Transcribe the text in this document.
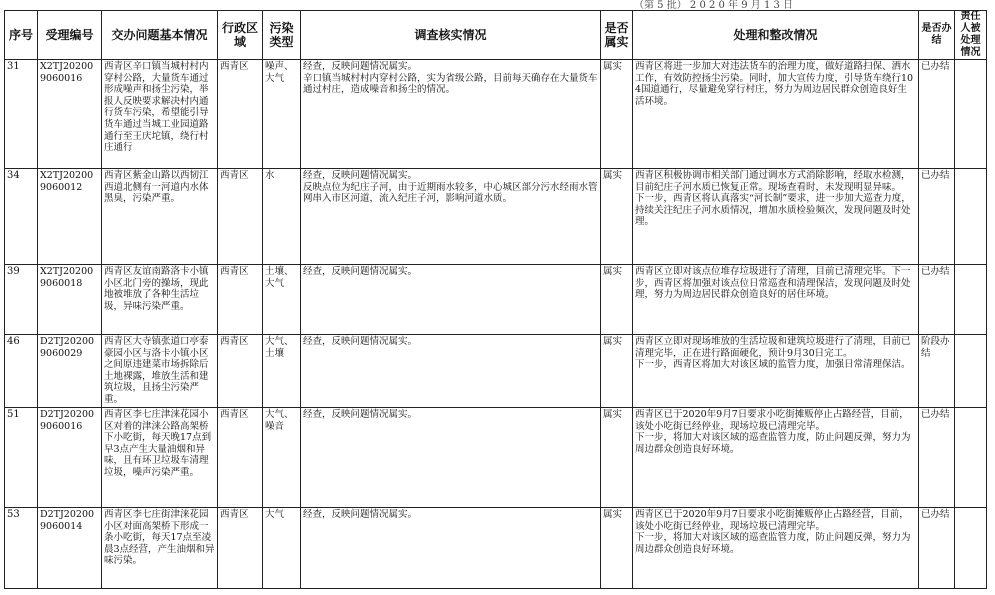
（第 5 批） 2 0 2 0 年 9 月 1 3 日
序号	受理编号	交办问题基本情况	行政区域	污染类型	调查核实情况	是否属实	处理和整改情况	是否办结	责任人被处理情况
31	X2TJ202009060016	西青区辛口镇当城村村内穿村公路，大量货车通过形成噪声和扬尘污染，举报人反映要求解决村内通行货车污染，希望能引导货车通过当城工业园道路通行至王庆坨镇，绕行村庄通行	西青区	噪声、大气	经查，反映问题情况属实。
辛口镇当城村村内穿村公路，实为省级公路，目前每天确存在大量货车通过村庄，造成噪音和扬尘的情况。	属实	西青区将进一步加大对违法货车的治理力度，做好道路扫保、洒水工作，有效防控扬尘污染。同时，加大宣传力度，引导货车绕行104国道通行，尽量避免穿行村庄，努力为周边居民群众创造良好生活环境。	已办结	
34	X2TJ202009060012	西青区紫金山路以西韧江西道北侧有一河道内水体黑臭，污染严重。	西青区	水	经查，反映问题情况属实。
反映点位为纪庄子河，由于近期雨水较多，中心城区部分污水经雨水管网串入市区河道，流入纪庄子河，影响河道水质。	属实	西青区积极协调市相关部门通过调水方式消除影响，经取水检测，目前纪庄子河水质已恢复正常。现场查看时，未发现明显异味。
下一步，西青区将认真落实“河长制”要求，进一步加大巡查力度，持续关注纪庄子河水质情况，增加水质检验频次，发现问题及时处理。	已办结	
39	X2TJ202009060018	西青区友谊南路洛卡小镇小区北门旁的操场，现此地被堆放了各种生活垃圾，异味污染严重。	西青区	土壤、大气	经查，反映问题情况属实。	属实	西青区立即对该点位堆存垃圾进行了清理，目前已清理完毕。下一步，西青区将加强对该点位日常巡查和清理保洁，发现问题及时处理，努力为周边居民群众创造良好的居住环境。	已办结	
46	D2TJ202009060029	西青区大寺镇张道口亭泰豪园小区与洛卡小镇小区之间原违建菜市场拆除后土地裸露，堆放生活和建筑垃圾，且扬尘污染严重。	西青区	大气、土壤	经查，反映问题情况属实。	属实	西青区立即对现场堆放的生活垃圾和建筑垃圾进行了清理，目前已清理完毕，正在进行路面硬化，预计9月30日完工。
下一步，西青区将加大对该区域的监管力度，加强日常清理保洁。	阶段办结	
51	D2TJ202009060016	西青区李七庄津涞花园小区对着的津涞公路高架桥下小吃街，每天晚17点到早3点产生大量油烟和异味，且有环卫垃圾车清理垃圾，噪声污染严重。	西青区	大气、噪音	经查，反映问题情况属实。	属实	西青区已于2020年9月7日要求小吃街摊贩停止占路经营，目前，该处小吃街已经停业，现场垃圾已清理完毕。
下一步，将加大对该区域的巡查监管力度，防止问题反弹，努力为周边群众创造良好环境。	已办结	
53	D2TJ202009060014	西青区李七庄街津涞花园小区对面高架桥下形成一条小吃街，每天17点至凌晨3点经营，产生油烟和异味污染。	西青区	大气	经查，反映问题情况属实。	属实	西青区已于2020年9月7日要求小吃街摊贩停止占路经营，目前，该处小吃街已经停业，现场垃圾已清理完毕。
下一步，将加大对该区域的巡查监管力度，防止问题反弹，努力为周边群众创造良好环境。	已办结	
